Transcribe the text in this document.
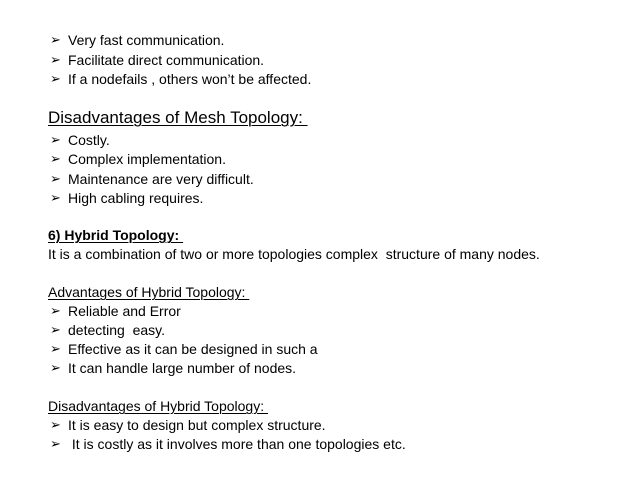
➢ Very fast communication.
➢ Facilitate direct communication.
➢ If a nodefails , others won’t be affected.
Disadvantages of Mesh Topology:
➢ Costly.
➢ Complex implementation.
➢ Maintenance are very difficult.
➢ High cabling requires.
6) Hybrid Topology:
It is a combination of two or more topologies complex  structure of many nodes.
Advantages of Hybrid Topology:
➢ Reliable and Error
➢ detecting  easy.
➢ Effective as it can be designed in such a
➢ It can handle large number of nodes.
Disadvantages of Hybrid Topology:
➢ It is easy to design but complex structure.
➢ It is costly as it involves more than one topologies etc.
